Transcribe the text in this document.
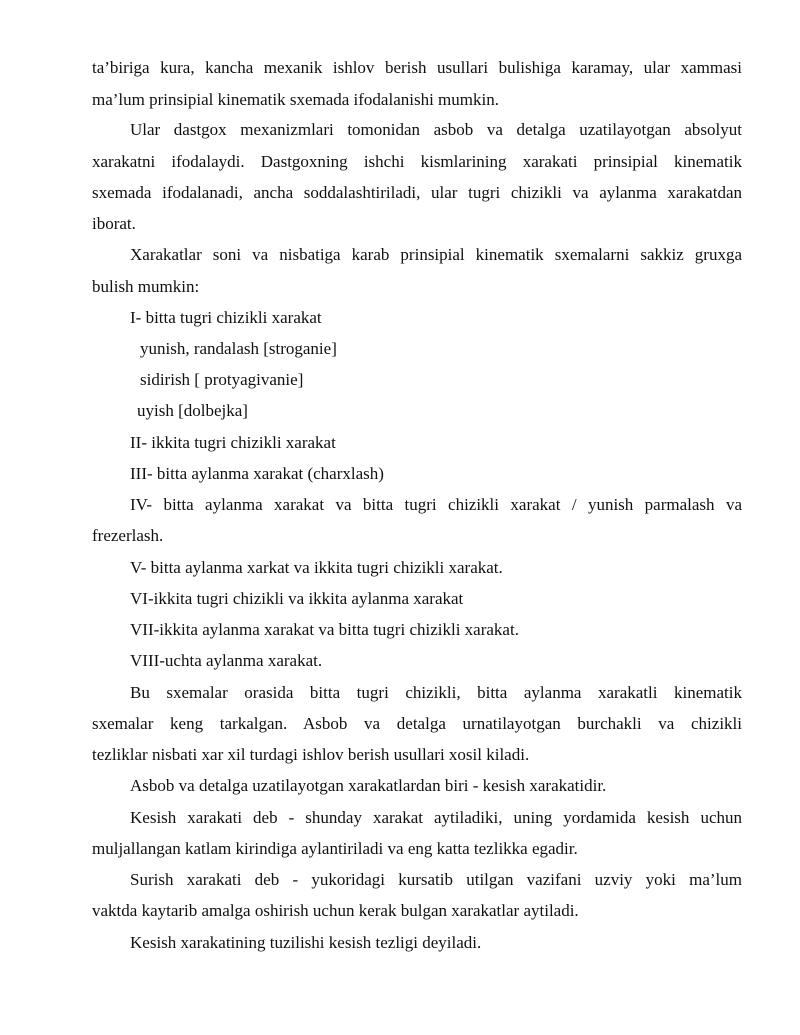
ta’biriga kura, kancha mexanik ishlov berish usullari bulishiga karamay, ular xammasi
ma’lum prinsipial kinematik sxemada ifodalanishi mumkin.
Ular dastgox mexanizmlari tomonidan asbob va detalga uzatilayotgan absolyut
xarakatni ifodalaydi. Dastgoxning ishchi kismlarining xarakati prinsipial kinematik
sxemada ifodalanadi, ancha soddalashtiriladi, ular tugri chizikli va aylanma xarakatdan
iborat.
Xarakatlar soni va nisbatiga karab prinsipial kinematik sxemalarni sakkiz gruxga
bulish mumkin:
I- bitta tugri chizikli xarakat
yunish, randalash [stroganie]
sidirish [ protyagivanie]
uyish [dolbejka]
II- ikkita tugri chizikli xarakat
III- bitta aylanma xarakat (charxlash)
IV- bitta aylanma xarakat va bitta tugri chizikli xarakat / yunish parmalash va
frezerlash.
V- bitta aylanma xarkat va ikkita tugri chizikli xarakat.
VI-ikkita tugri chizikli va ikkita aylanma xarakat
VII-ikkita aylanma xarakat va bitta tugri chizikli xarakat.
VIII-uchta aylanma xarakat.
Bu sxemalar orasida bitta tugri chizikli, bitta aylanma xarakatli kinematik
sxemalar keng tarkalgan. Asbob va detalga urnatilayotgan burchakli va chizikli
tezliklar nisbati xar xil turdagi ishlov berish usullari xosil kiladi.
Asbob va detalga uzatilayotgan xarakatlardan biri - kesish xarakatidir.
Kesish xarakati deb - shunday xarakat aytiladiki, uning yordamida kesish uchun
muljallangan katlam kirindiga aylantiriladi va eng katta tezlikka egadir.
Surish xarakati deb - yukoridagi kursatib utilgan vazifani uzviy yoki ma’lum
vaktda kaytarib amalga oshirish uchun kerak bulgan xarakatlar aytiladi.
Kesish xarakatining tuzilishi kesish tezligi deyiladi.
